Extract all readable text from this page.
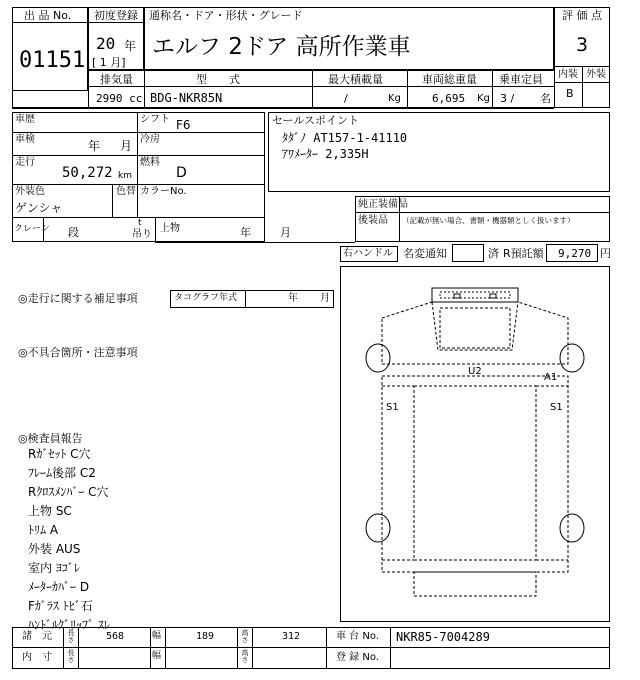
出 品 No.
01151
初度登録
20 年
[ 1 月]
通称名・ドア・形状・グレード
エルフ 2ドア 高所作業車
評 価 点
3
内装 外装
B
排気量
2990 cc
型　　式
BDG-NKR85N
最大積載量
/	Kg
車両総重量
6,695 Kg
乗車定員
3 / 名
車歴	シフト F6
車検	年 月 冷房
走行
50,272 km
燃料
D
外装色
ゲンシャ
色替 カラーNo.
クレーン 段
t
吊り
上物	年	月
セールスポイント
ﾀﾀﾞﾉ AT157-1-41110
ｱﾜﾒｰﾀｰ 2,335H
純正装備品
後装品 （記載が無い場合、書類・機器類としく扱います）
右ハンドル 名変通知	済 R預託額 9,270 円
◎走行に関する補足事項	タコグラフ年式	年 月
◎不具合箇所・注意事項
◎検査員報告
Rｶﾞｾｯﾄ C穴
ﾌﾚｰﾑ後部 C2
Rｸﾛｽﾒﾝﾊﾞｰ C穴
上物 SC
ﾄﾘﾑ A
外装 AUS
室内 ﾖｺﾞﾚ
ﾒｰﾀｰｶﾊﾞｰ D
Fｶﾞﾗｽ ﾄﾋﾞ石
ﾊﾝﾄﾞﾙｸﾞﾘｯﾌﾟ ｽﾚ
U2
A1
S1	S1
諸　元 長さ	568	幅	189	高さ	312	車 台 No. NKR85-7004289
内　寸 長さ	幅	高さ	登 録 No.
